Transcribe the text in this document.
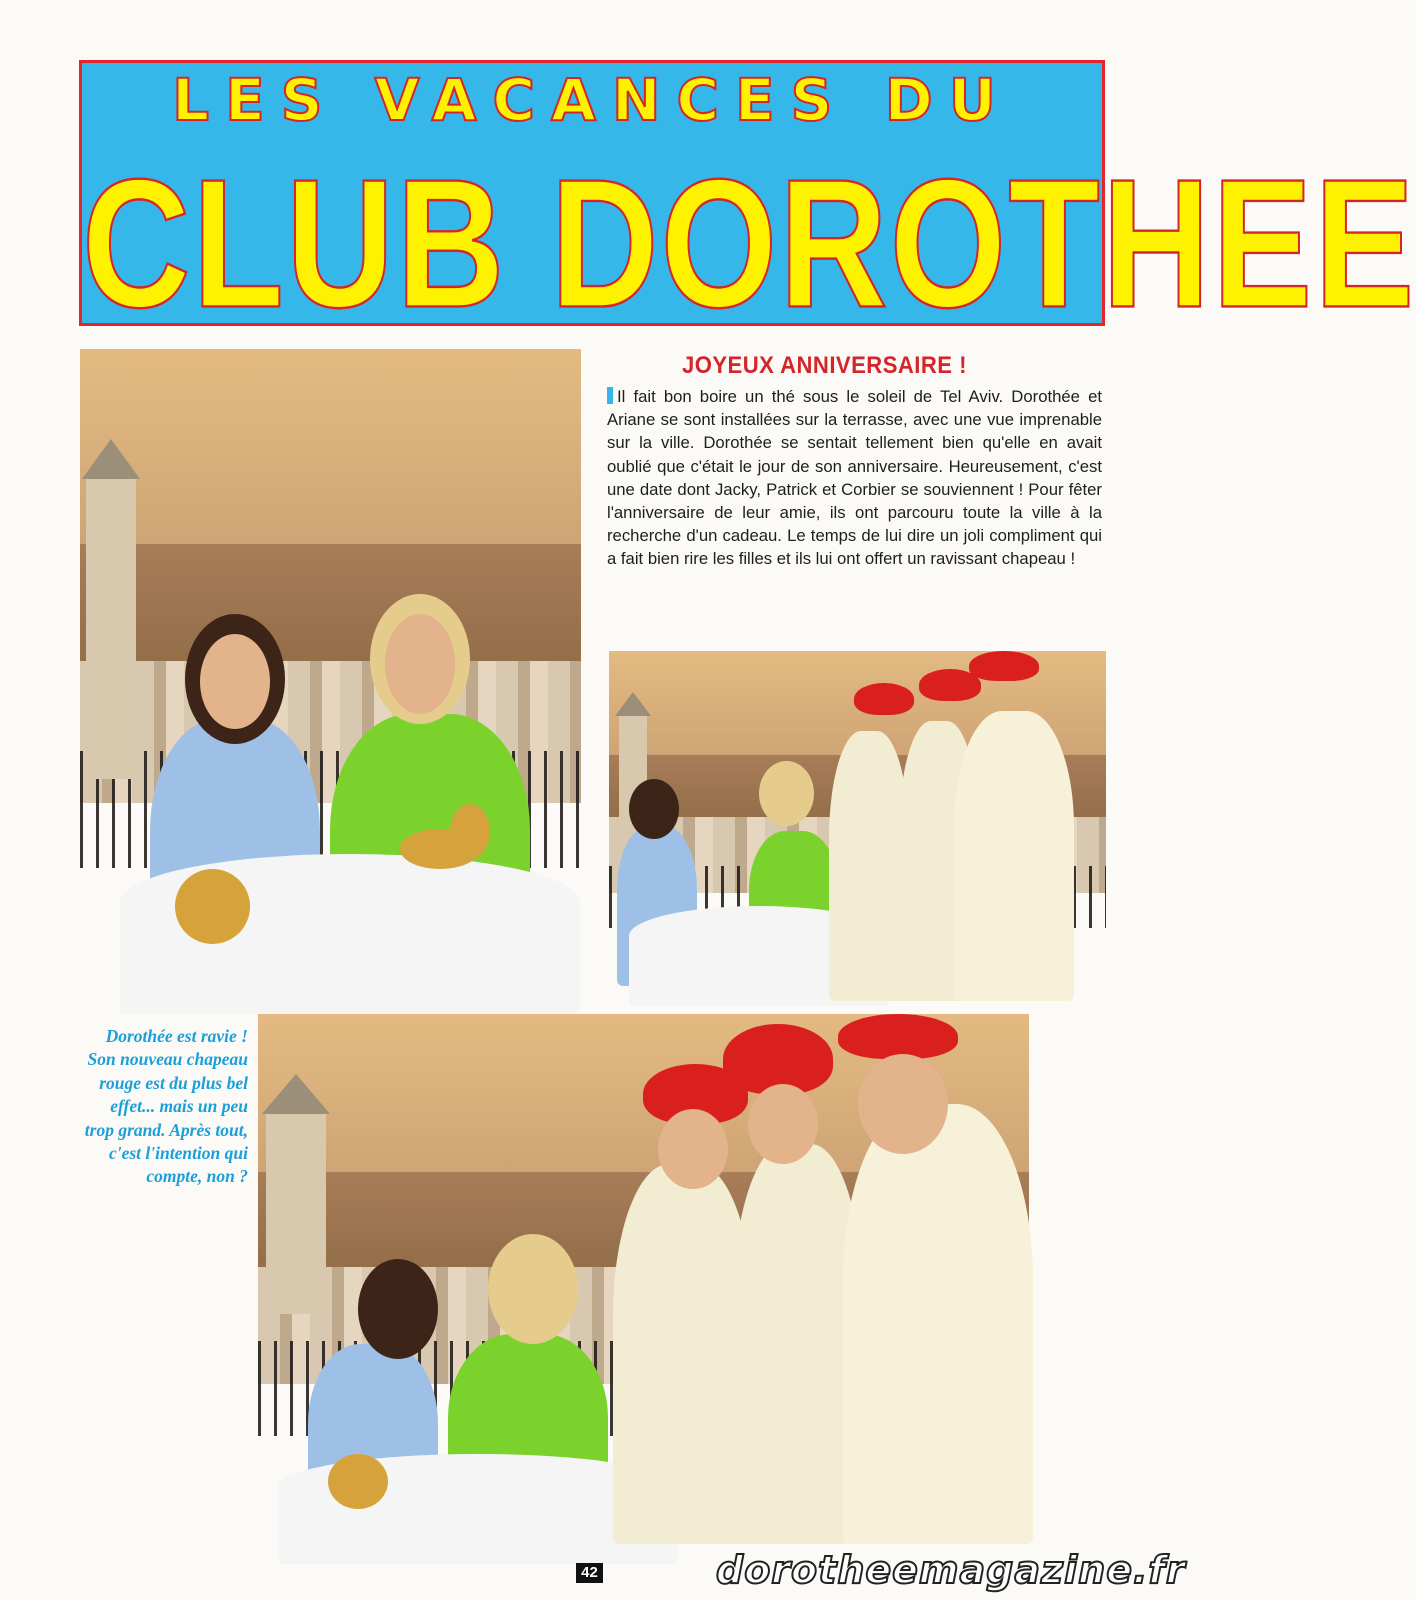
LES VACANCES DU
CLUB DOROTHEE
JOYEUX ANNIVERSAIRE !

Il fait bon boire un thé sous le soleil de Tel Aviv. Dorothée et Ariane se sont installées sur la terrasse, avec une vue imprenable sur la ville. Dorothée se sentait tellement bien qu'elle en avait oublié que c'était le jour de son anniversaire. Heureusement, c'est une date dont Jacky, Patrick et Corbier se souviennent ! Pour fêter l'anniversaire de leur amie, ils ont parcouru toute la ville à la recherche d'un cadeau. Le temps de lui dire un joli compliment qui a fait bien rire les filles et ils lui ont offert un ravissant chapeau !

Dorothée est ravie ! Son nouveau chapeau rouge est du plus bel effet... mais un peu trop grand. Après tout, c'est l'intention qui compte, non ?

42	dorotheemagazine.fr
